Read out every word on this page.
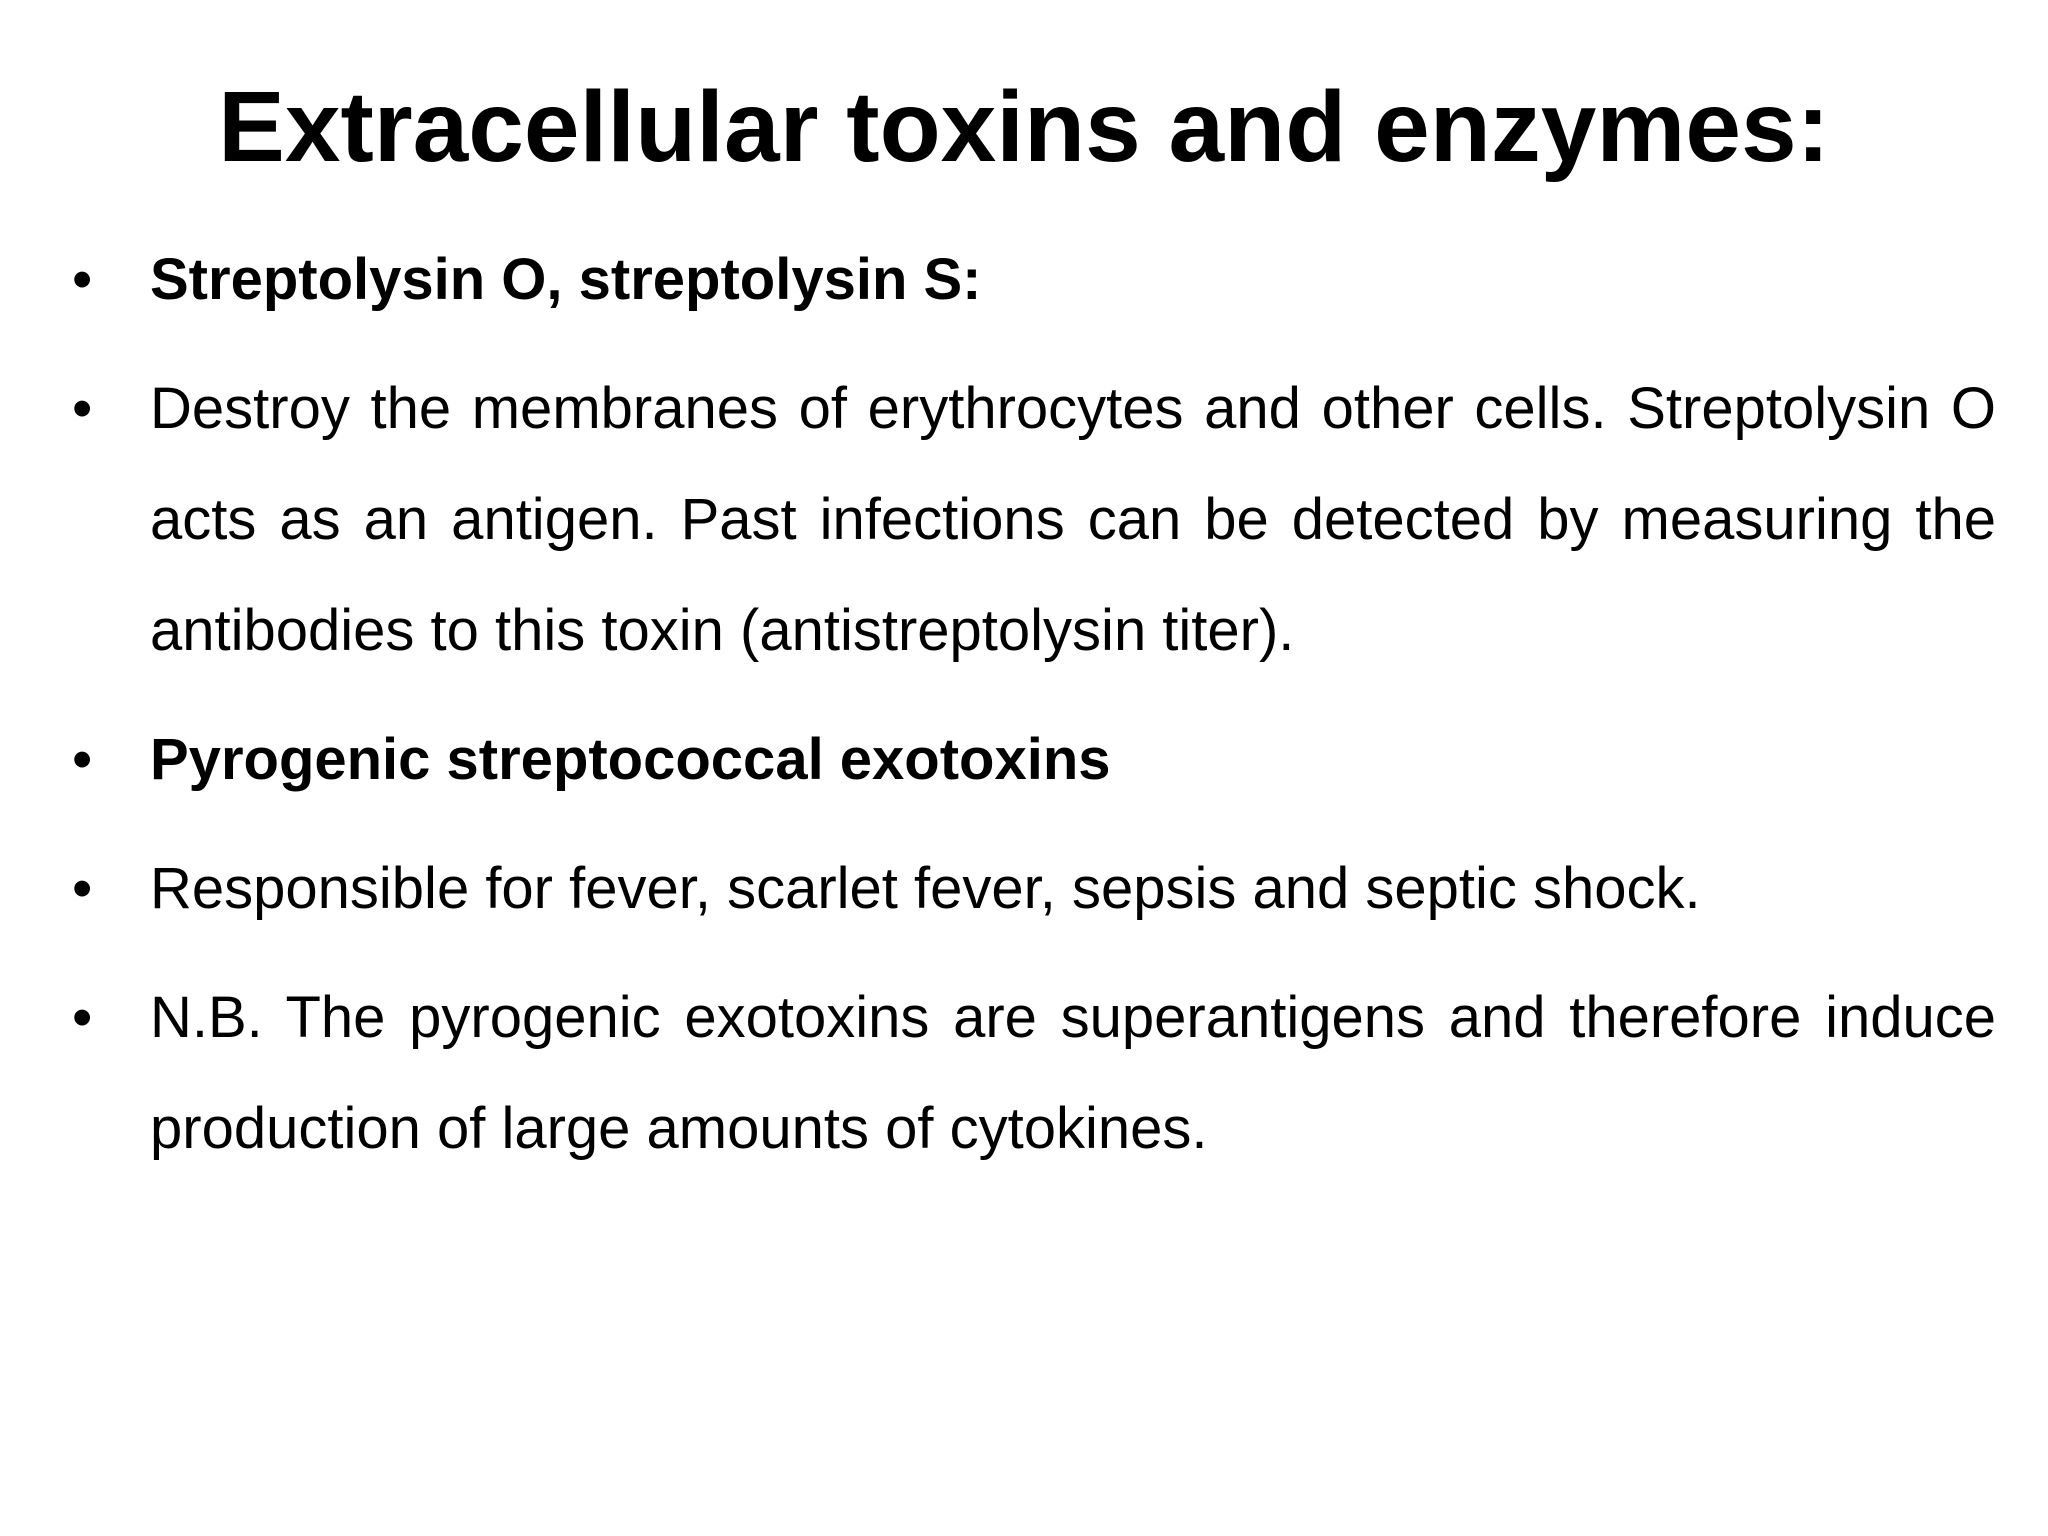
Extracellular toxins and enzymes:
• Streptolysin O, streptolysin S:
• Destroy the membranes of erythrocytes and other cells. Streptolysin O acts as an antigen. Past infections can be detected by measuring the antibodies to this toxin (antistreptolysin titer).
• Pyrogenic streptococcal exotoxins
• Responsible for fever, scarlet fever, sepsis and septic shock.
• N.B. The pyrogenic exotoxins are superantigens and therefore induce production of large amounts of cytokines.
